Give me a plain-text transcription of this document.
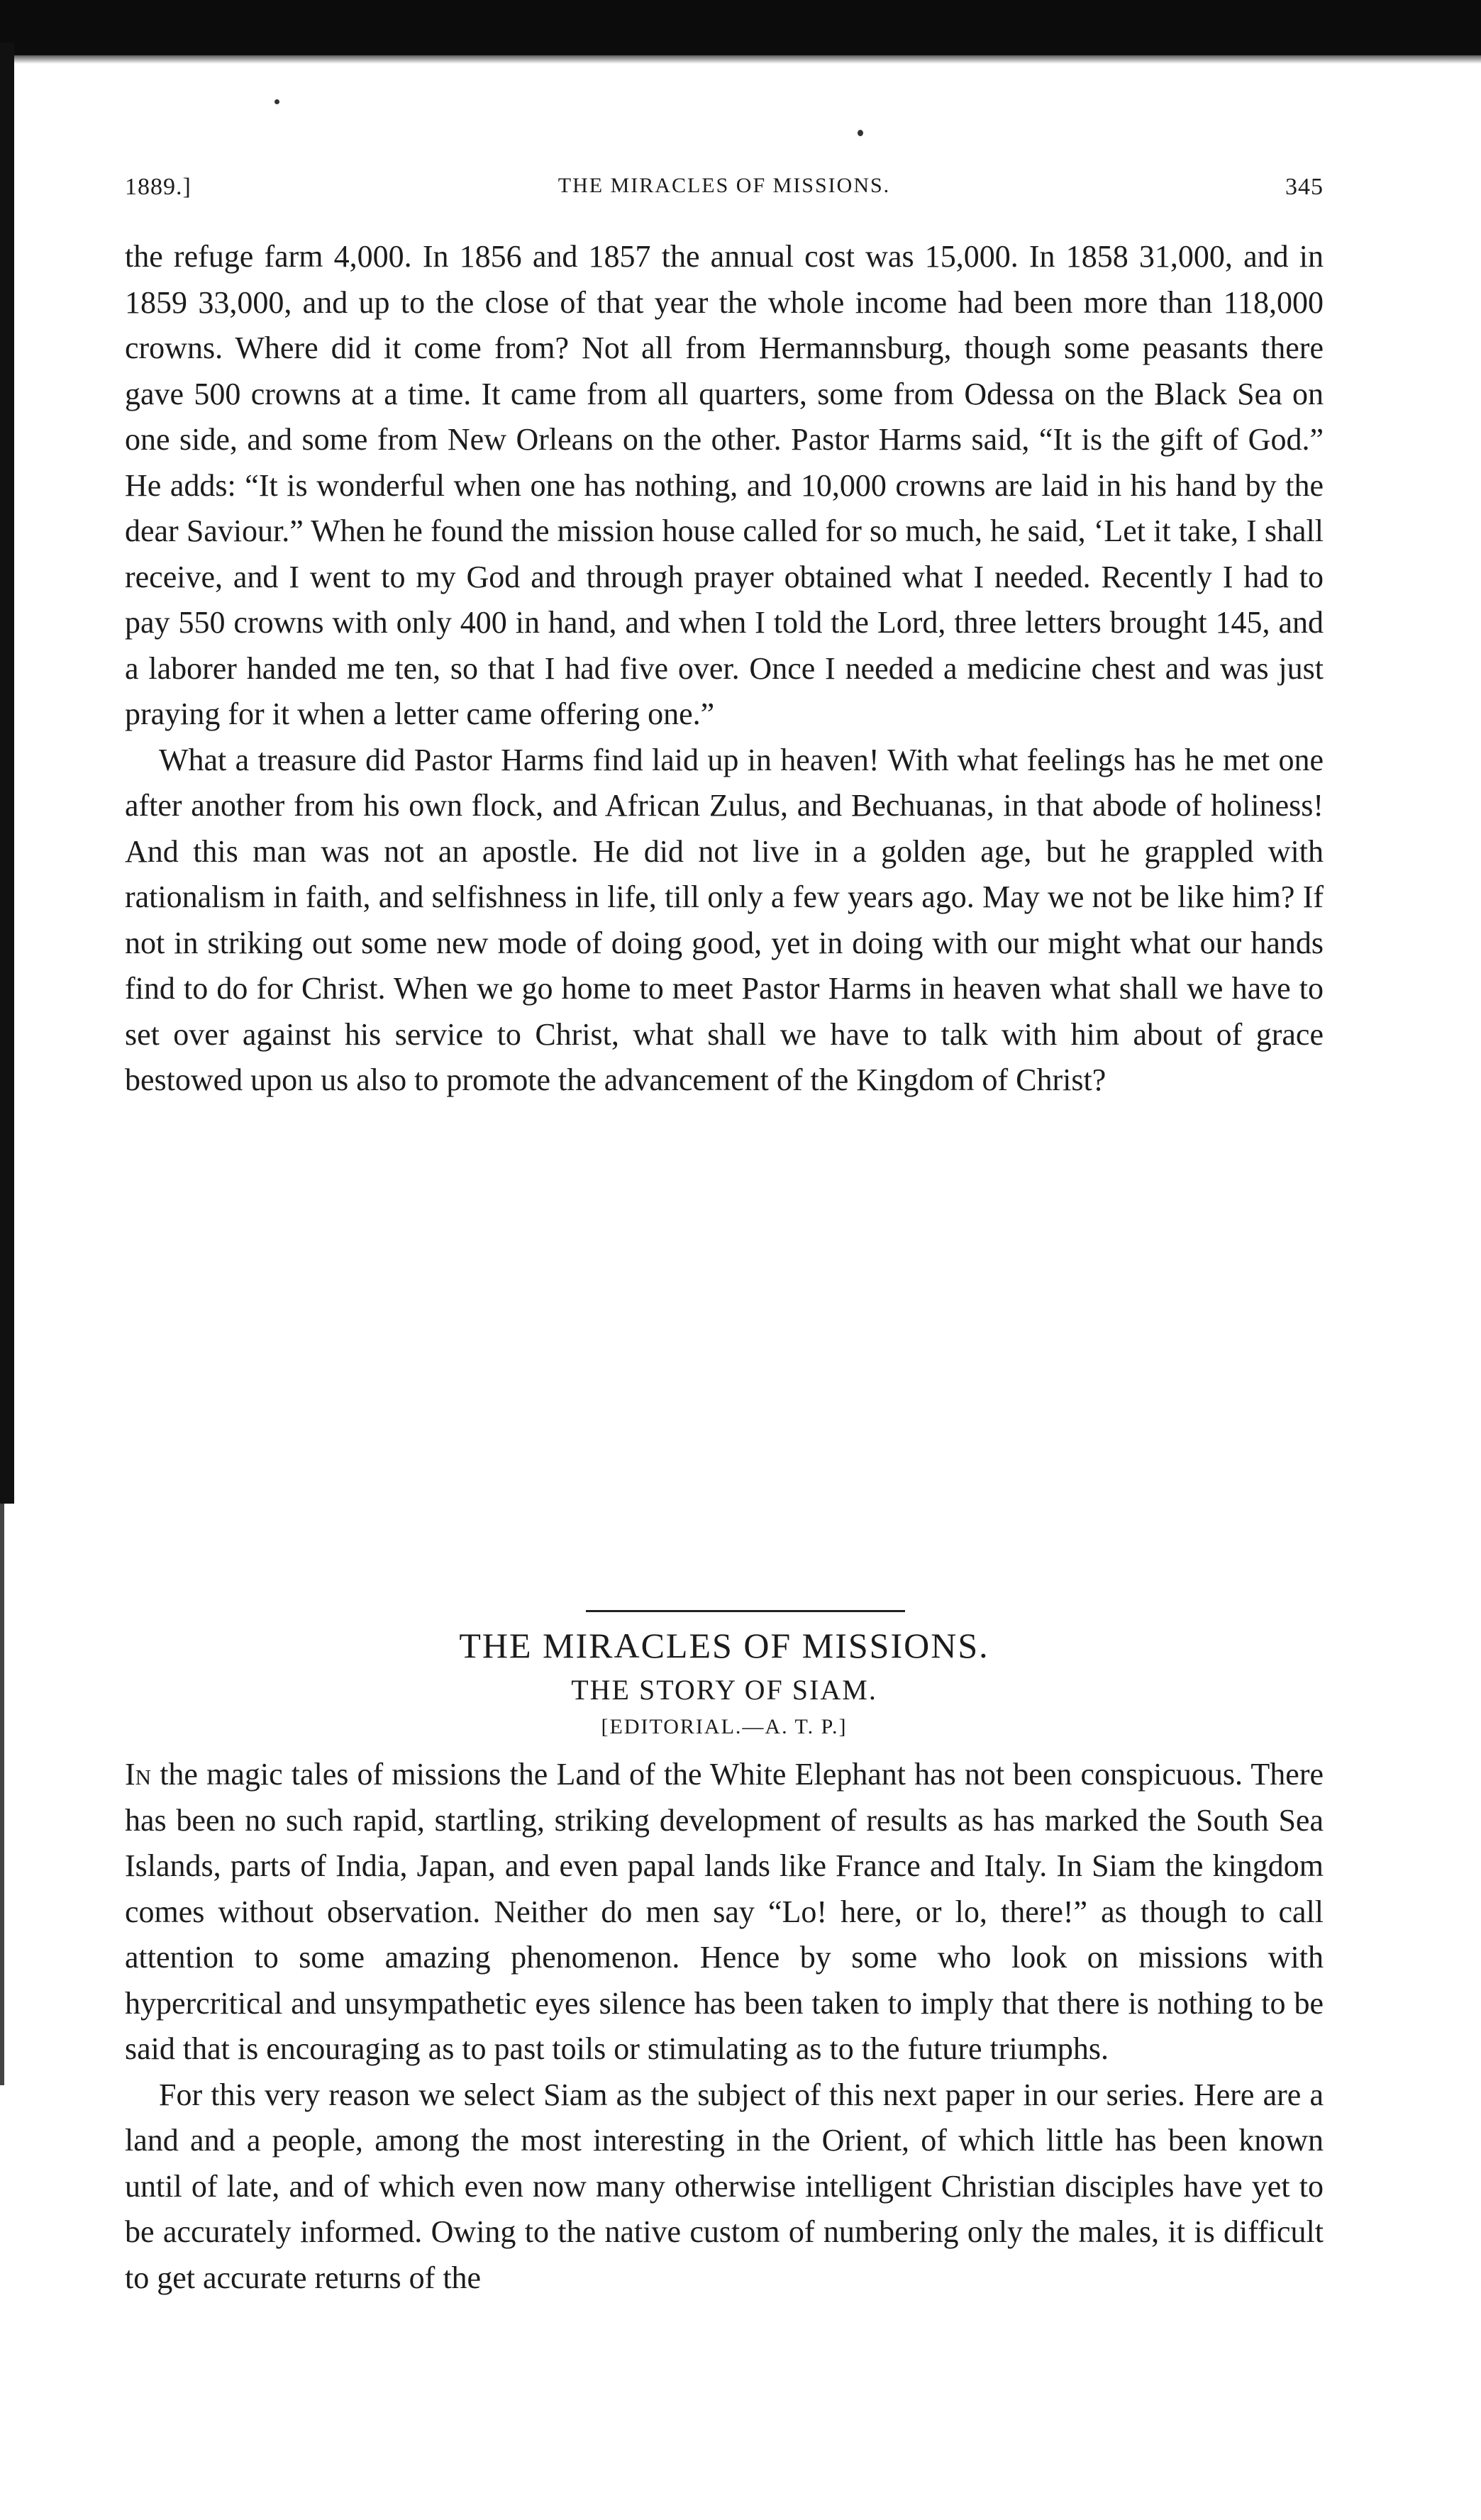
1889.]	THE MIRACLES OF MISSIONS.	345

the refuge farm 4,000. In 1856 and 1857 the annual cost was 15,000. In 1858 31,000, and in 1859 33,000, and up to the close of that year the whole income had been more than 118,000 crowns. Where did it come from? Not all from Hermannsburg, though some peasants there gave 500 crowns at a time. It came from all quarters, some from Odessa on the Black Sea on one side, and some from New Orleans on the other. Pastor Harms said, “It is the gift of God.” He adds: “It is wonderful when one has nothing, and 10,000 crowns are laid in his hand by the dear Saviour.” When he found the mission house called for so much, he said, ‘Let it take, I shall receive, and I went to my God and through prayer obtained what I needed. Recently I had to pay 550 crowns with only 400 in hand, and when I told the Lord, three letters brought 145, and a laborer handed me ten, so that I had five over. Once I needed a medicine chest and was just praying for it when a letter came offering one.”

What a treasure did Pastor Harms find laid up in heaven! With what feelings has he met one after another from his own flock, and African Zulus, and Bechuanas, in that abode of holiness! And this man was not an apostle. He did not live in a golden age, but he grappled with rationalism in faith, and selfishness in life, till only a few years ago. May we not be like him? If not in striking out some new mode of doing good, yet in doing with our might what our hands find to do for Christ. When we go home to meet Pastor Harms in heaven what shall we have to set over against his service to Christ, what shall we have to talk with him about of grace bestowed upon us also to promote the advancement of the Kingdom of Christ?

THE MIRACLES OF MISSIONS.
THE STORY OF SIAM.
[EDITORIAL.—A. T. P.]

In the magic tales of missions the Land of the White Elephant has not been conspicuous. There has been no such rapid, startling, striking development of results as has marked the South Sea Islands, parts of India, Japan, and even papal lands like France and Italy. In Siam the kingdom comes without observation. Neither do men say “Lo! here, or lo, there!” as though to call attention to some amazing phenomenon. Hence by some who look on missions with hypercritical and unsympathetic eyes silence has been taken to imply that there is nothing to be said that is encouraging as to past toils or stimulating as to the future triumphs.

For this very reason we select Siam as the subject of this next paper in our series. Here are a land and a people, among the most interesting in the Orient, of which little has been known until of late, and of which even now many otherwise intelligent Christian disciples have yet to be accurately informed. Owing to the native custom of numbering only the males, it is difficult to get accurate returns of the
